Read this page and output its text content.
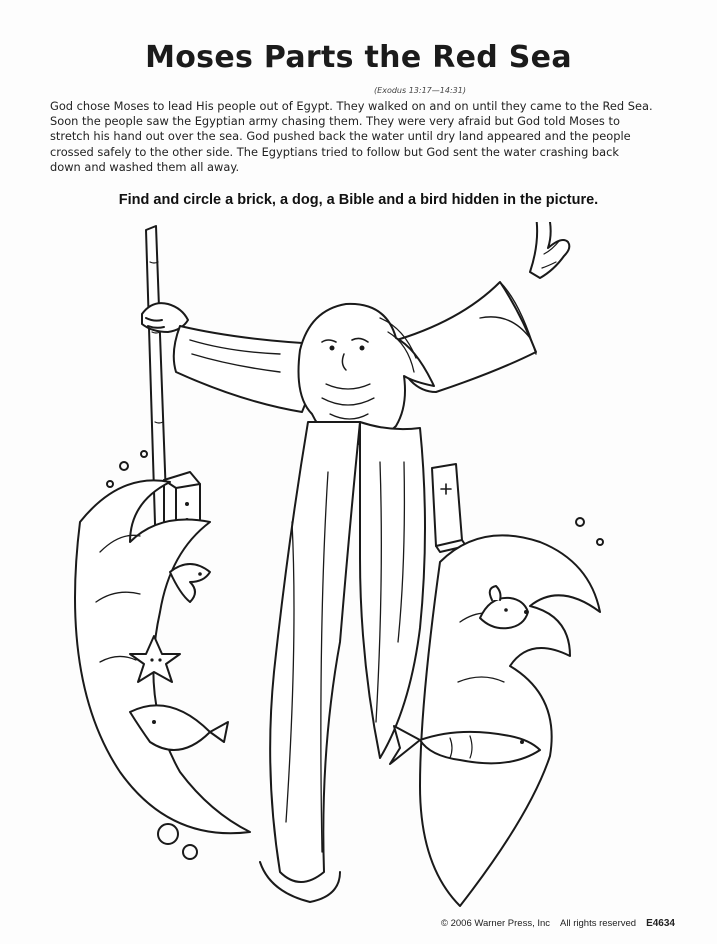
Moses Parts the Red Sea
(Exodus 13:17—14:31)
God chose Moses to lead His people out of Egypt. They walked on and on until they came to the Red Sea.
Soon the people saw the Egyptian army chasing them. They were very afraid but God told Moses to
stretch his hand out over the sea. God pushed back the water until dry land appeared and the people
crossed safely to the other side. The Egyptians tried to follow but God sent the water crashing back
down and washed them all away.
Find and circle a brick, a dog, a Bible and a bird hidden in the picture.
© 2006 Warner Press, Inc All rights reserved E4634
